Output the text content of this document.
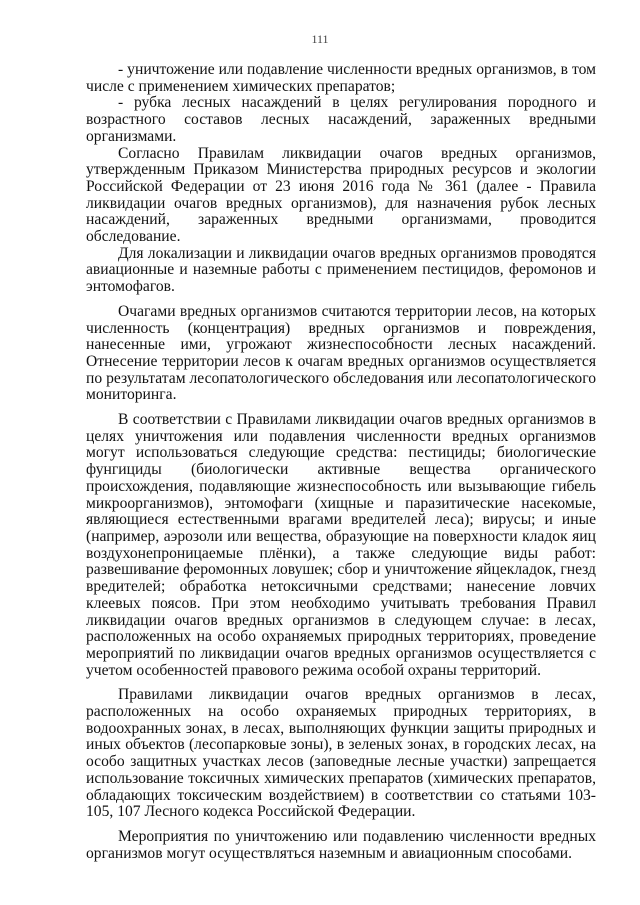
111

- уничтожение или подавление численности вредных организмов, в том числе с применением химических препаратов;

- рубка лесных насаждений в целях регулирования породного и возрастного составов лесных насаждений, зараженных вредными организмами.

Согласно Правилам ликвидации очагов вредных организмов, утвержденным Приказом Министерства природных ресурсов и экологии Российской Федерации от 23 июня 2016 года № 361 (далее - Правила ликвидации очагов вредных организмов), для назначения рубок лесных насаждений, зараженных вредными организмами, проводится обследование.

Для локализации и ликвидации очагов вредных организмов проводятся авиационные и наземные работы с применением пестицидов, феромонов и энтомофагов.

Очагами вредных организмов считаются территории лесов, на которых численность (концентрация) вредных организмов и повреждения, нанесенные ими, угрожают жизнеспособности лесных насаждений. Отнесение территории лесов к очагам вредных организмов осуществляется по результатам лесопатологического обследования или лесопатологического мониторинга.

В соответствии с Правилами ликвидации очагов вредных организмов в целях уничтожения или подавления численности вредных организмов могут использоваться следующие средства: пестициды; биологические фунгициды (биологически активные вещества органического происхождения, подавляющие жизнеспособность или вызывающие гибель микроорганизмов), энтомофаги (хищные и паразитические насекомые, являющиеся естественными врагами вредителей леса); вирусы; и иные (например, аэрозоли или вещества, образующие на поверхности кладок яиц воздухонепроницаемые плёнки), а также следующие виды работ: развешивание феромонных ловушек; сбор и уничтожение яйцекладок, гнезд вредителей; обработка нетоксичными средствами; нанесение ловчих клеевых поясов. При этом необходимо учитывать требования Правил ликвидации очагов вредных организмов в следующем случае: в лесах, расположенных на особо охраняемых природных территориях, проведение мероприятий по ликвидации очагов вредных организмов осуществляется с учетом особенностей правового режима особой охраны территорий.

Правилами ликвидации очагов вредных организмов в лесах, расположенных на особо охраняемых природных территориях, в водоохранных зонах, в лесах, выполняющих функции защиты природных и иных объектов (лесопарковые зоны), в зеленых зонах, в городских лесах, на особо защитных участках лесов (заповедные лесные участки) запрещается использование токсичных химических препаратов (химических препаратов, обладающих токсическим воздействием) в соответствии со статьями 103-105, 107 Лесного кодекса Российской Федерации.

Мероприятия по уничтожению или подавлению численности вредных организмов могут осуществляться наземным и авиационным способами.
